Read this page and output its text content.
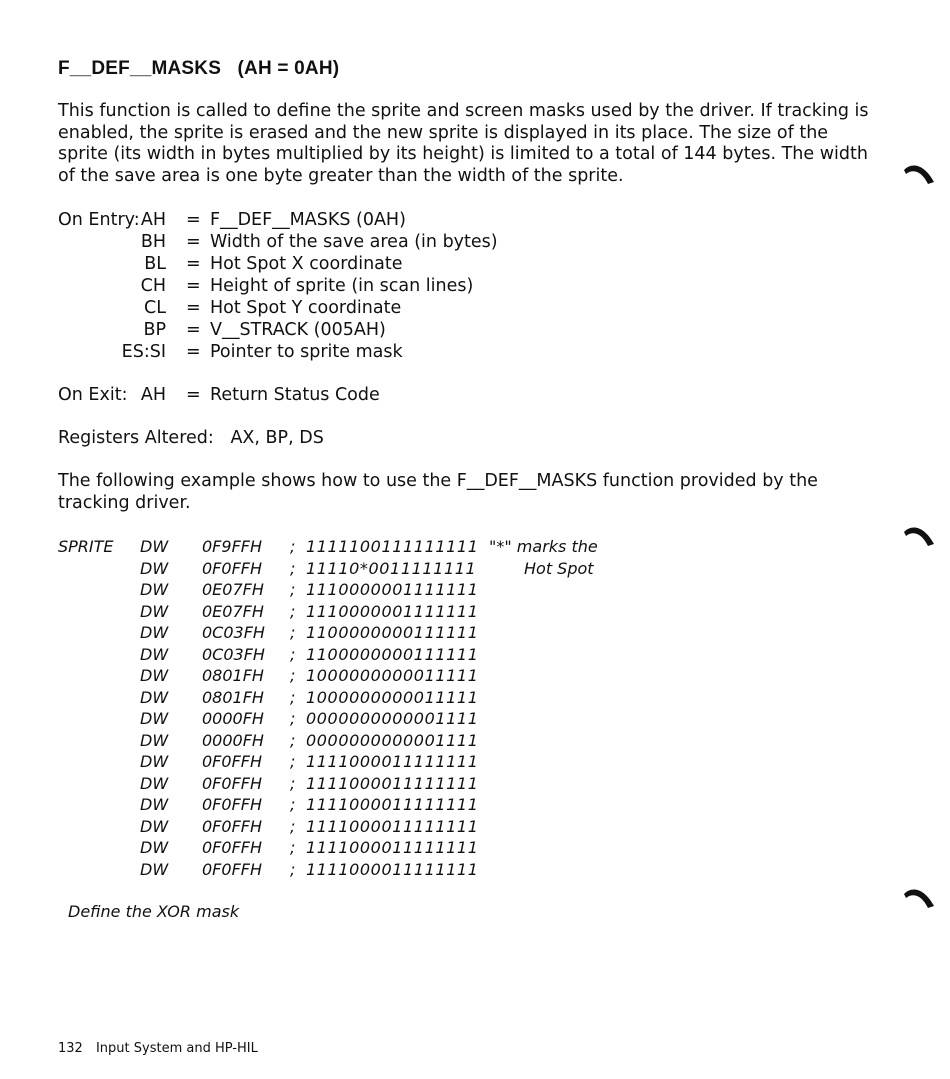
F__DEF__MASKS   (AH = 0AH)
This function is called to define the sprite and screen masks used by the driver. If tracking is enabled, the sprite is erased and the new sprite is displayed in its place. The size of the sprite (its width in bytes multiplied by its height) is limited to a total of 144 bytes. The width of the save area is one byte greater than the width of the sprite.
On Entry: AH = F__DEF__MASKS (0AH)
BH = Width of the save area (in bytes)
BL = Hot Spot X coordinate
CH = Height of sprite (in scan lines)
CL = Hot Spot Y coordinate
BP = V__STRACK (005AH)
ES:SI = Pointer to sprite mask
On Exit: AH = Return Status Code
Registers Altered:   AX, BP, DS
The following example shows how to use the F__DEF__MASKS function provided by the tracking driver.
SPRITE DW 0F9FFH ; 1111100111111111
DW 0F0FFH ; 11110*0011111111
DW 0E07FH ; 1110000001111111
DW 0E07FH ; 1110000001111111
DW 0C03FH ; 1100000000111111
DW 0C03FH ; 1100000000111111
DW 0801FH ; 1000000000011111
DW 0801FH ; 1000000000011111
DW 0000FH ; 0000000000001111
DW 0000FH ; 0000000000001111
DW 0F0FFH ; 1111000011111111
DW 0F0FFH ; 1111000011111111
DW 0F0FFH ; 1111000011111111
DW 0F0FFH ; 1111000011111111
DW 0F0FFH ; 1111000011111111
DW 0F0FFH ; 1111000011111111
"*" marks the
Hot Spot
Define the XOR mask
132 Input System and HP-HIL
